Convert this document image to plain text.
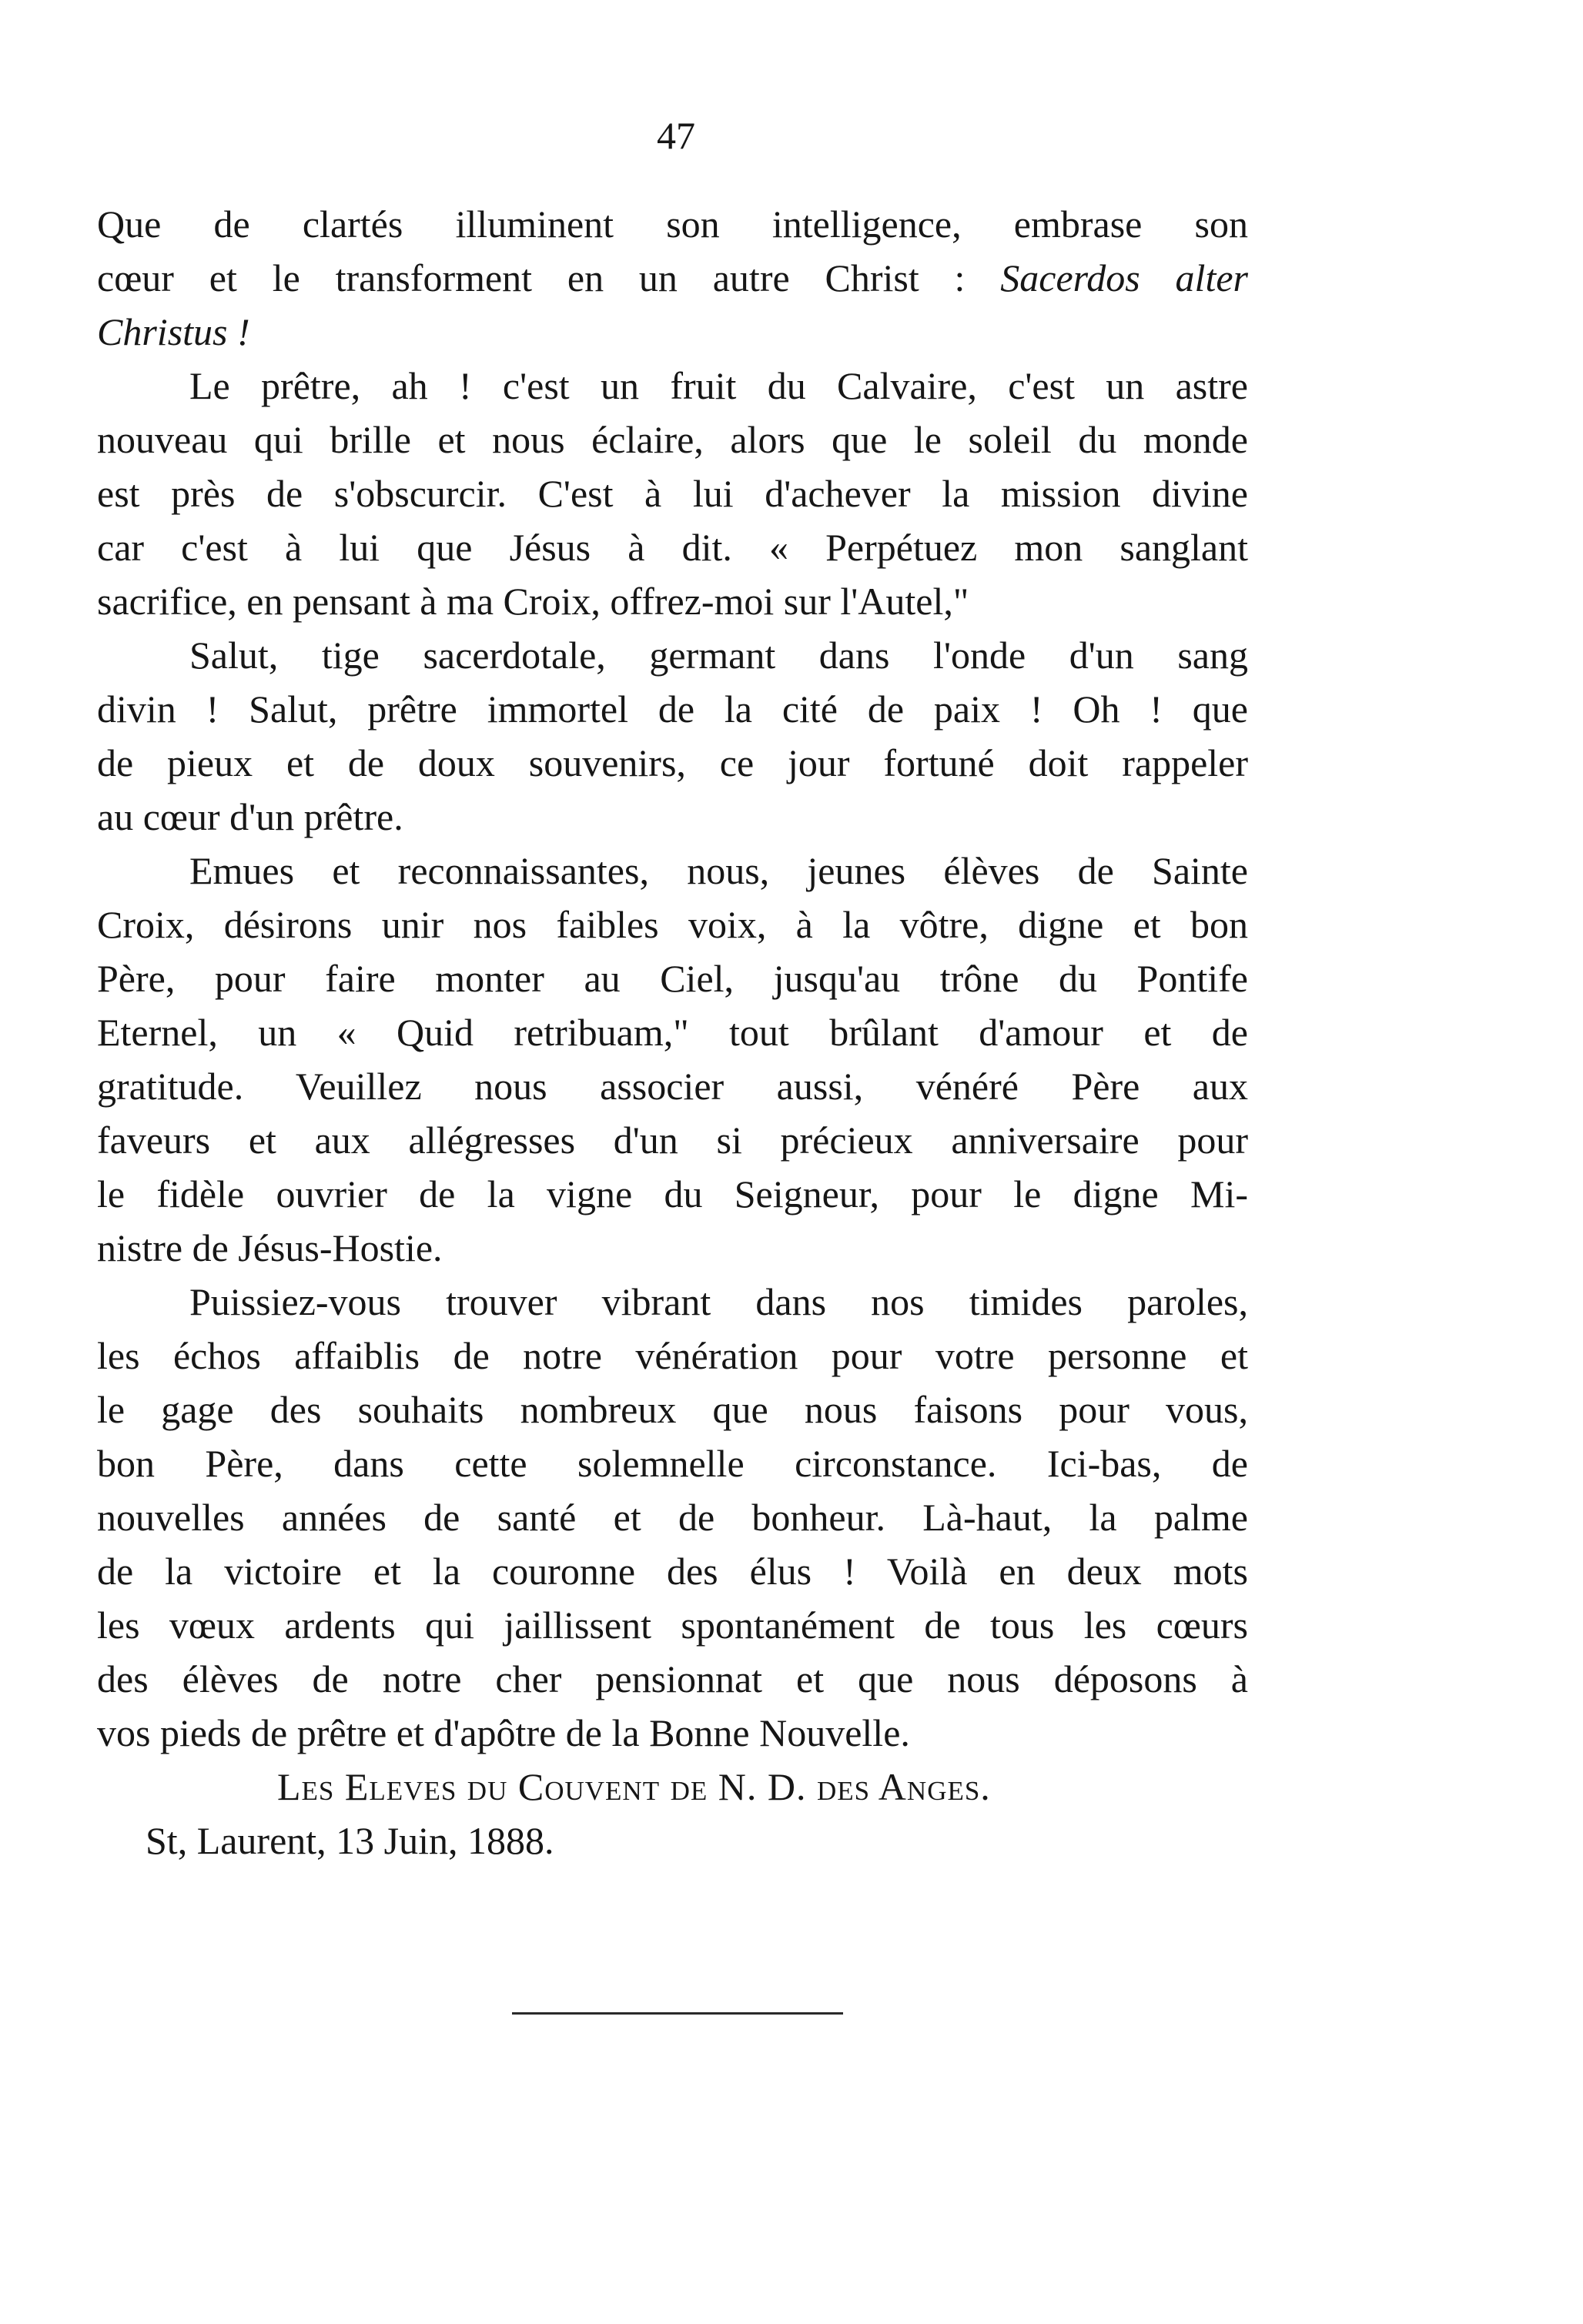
47
Que de clartés illuminent son intelligence, embrase son
cœur et le transforment en un autre Christ : Sacerdos alter
Christus !
Le prêtre, ah ! c'est un fruit du Calvaire, c'est un astre
nouveau qui brille et nous éclaire, alors que le soleil du monde
est près de s'obscurcir. C'est à lui d'achever la mission divine
car c'est à lui que Jésus à dit. « Perpétuez mon sanglant
sacrifice, en pensant à ma Croix, offrez-moi sur l'Autel,"
Salut, tige sacerdotale, germant dans l'onde d'un sang
divin ! Salut, prêtre immortel de la cité de paix ! Oh ! que
de pieux et de doux souvenirs, ce jour fortuné doit rappeler
au cœur d'un prêtre.
Emues et reconnaissantes, nous, jeunes élèves de Sainte
Croix, désirons unir nos faibles voix, à la vôtre, digne et bon
Père, pour faire monter au Ciel, jusqu'au trône du Pontife
Eternel, un « Quid retribuam," tout brûlant d'amour et de
gratitude. Veuillez nous associer aussi, vénéré Père aux
faveurs et aux allégresses d'un si précieux anniversaire pour
le fidèle ouvrier de la vigne du Seigneur, pour le digne Mi-
nistre de Jésus-Hostie.
Puissiez-vous trouver vibrant dans nos timides paroles,
les échos affaiblis de notre vénération pour votre personne et
le gage des souhaits nombreux que nous faisons pour vous,
bon Père, dans cette solemnelle circonstance. Ici-bas, de
nouvelles années de santé et de bonheur. Là-haut, la palme
de la victoire et la couronne des élus ! Voilà en deux mots
les vœux ardents qui jaillissent spontanément de tous les cœurs
des élèves de notre cher pensionnat et que nous déposons à
vos pieds de prêtre et d'apôtre de la Bonne Nouvelle.
Les Eleves du Couvent de N. D. des Anges.
St, Laurent, 13 Juin, 1888.
